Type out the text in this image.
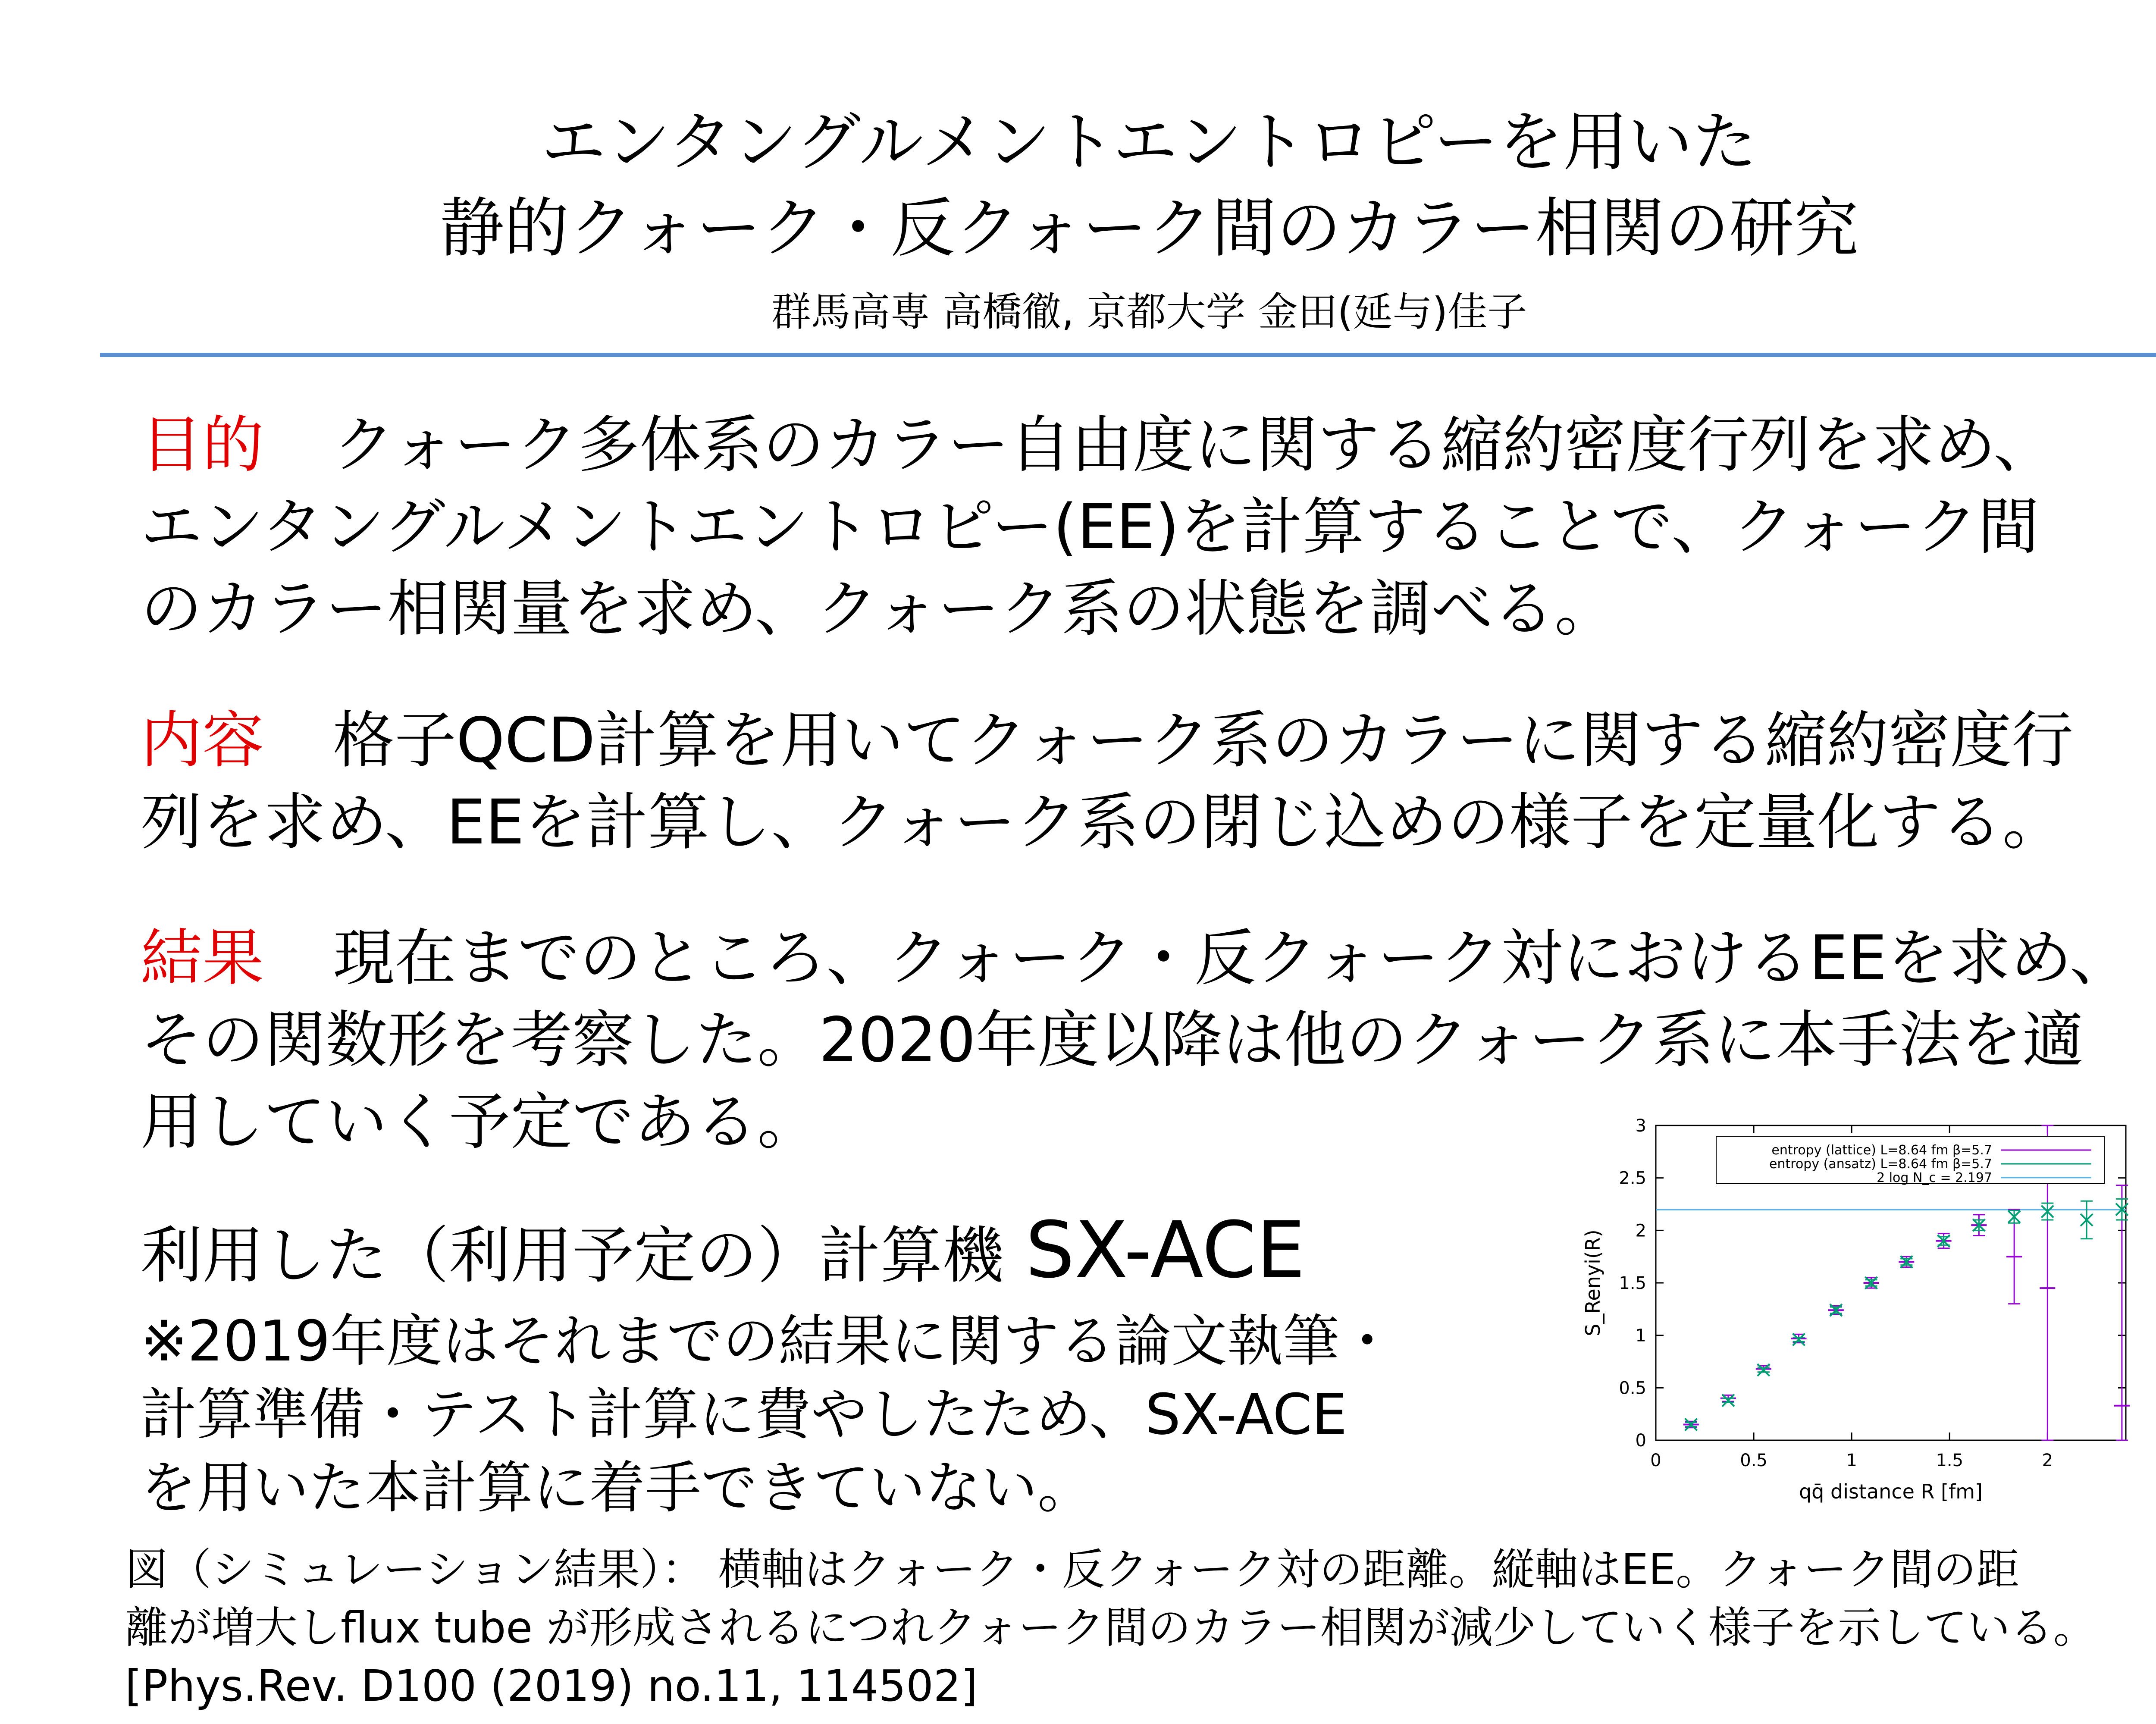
エンタングルメントエントロピーを用いた
静的クォーク・反クォーク間のカラー相関の研究
群馬高専 高橋徹, 京都大学 金田(延与)佳子
目的 クォーク多体系のカラー自由度に関する縮約密度行列を求め、
エンタングルメントエントロピー(EE)を計算することで、クォーク間
のカラー相関量を求め、クォーク系の状態を調べる。
内容 格子QCD計算を用いてクォーク系のカラーに関する縮約密度行
列を求め、EEを計算し、クォーク系の閉じ込めの様子を定量化する。
結果 現在までのところ、クォーク・反クォーク対におけるEEを求め、
その関数形を考察した。2020年度以降は他のクォーク系に本手法を適
用していく予定である。
利用した（利用予定の）計算機 SX-ACE
※2019年度はそれまでの結果に関する論文執筆・
計算準備・テスト計算に費やしたため、SX-ACE
を用いた本計算に着手できていない。	0	0.5	1	1.5	2
0
0.5
1
1.5
2
2.5
3
qq̄ distance R [fm]
S_Renyi(R)
entropy (lattice) L=8.64 fm β=5.7
entropy (ansatz) L=8.64 fm β=5.7
2 log N_c = 2.197
図（シミュレーション結果）： 横軸はクォーク・反クォーク対の距離。縦軸はEE。クォーク間の距
離が増大しflux tube が形成されるにつれクォーク間のカラー相関が減少していく様子を示している。
[Phys.Rev. D100 (2019) no.11, 114502]
